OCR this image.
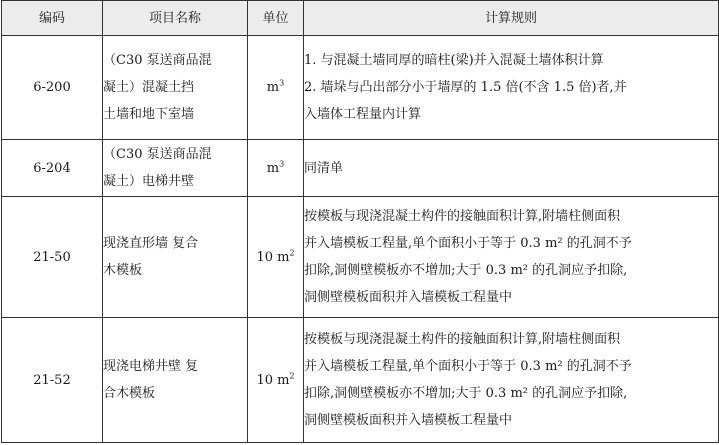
编码	项目名称	单位	计算规则
6-200	（C30 泵送商品混
凝土）混凝土挡
土墙和地下室墙	$m^3$	1. 与混凝土墙同厚的暗柱(梁)并入混凝土墙体积计算
2. 墙垛与凸出部分小于墙厚的 1.5 倍(不含 1.5 倍)者,并
入墙体工程量内计算

6-204	（C30 泵送商品混
凝土）电梯井壁	$m^3$	同清单

21-50	现浇直形墙 复合
木模板	10 $m^2$	按模板与现浇混凝土构件的接触面积计算,附墙柱侧面积
并入墙模板工程量,单个面积小于等于 0.3 m² 的孔洞不予
扣除,洞侧壁模板亦不增加;大于 0.3 m² 的孔洞应予扣除,
洞侧壁模板面积并入墙模板工程量中

21-52	现浇电梯井壁 复
合木模板	10 $m^2$	按模板与现浇混凝土构件的接触面积计算,附墙柱侧面积
并入墙模板工程量,单个面积小于等于 0.3 m² 的孔洞不予
扣除,洞侧壁模板亦不增加;大于 0.3 m² 的孔洞应予扣除,
洞侧壁模板面积并入墙模板工程量中
